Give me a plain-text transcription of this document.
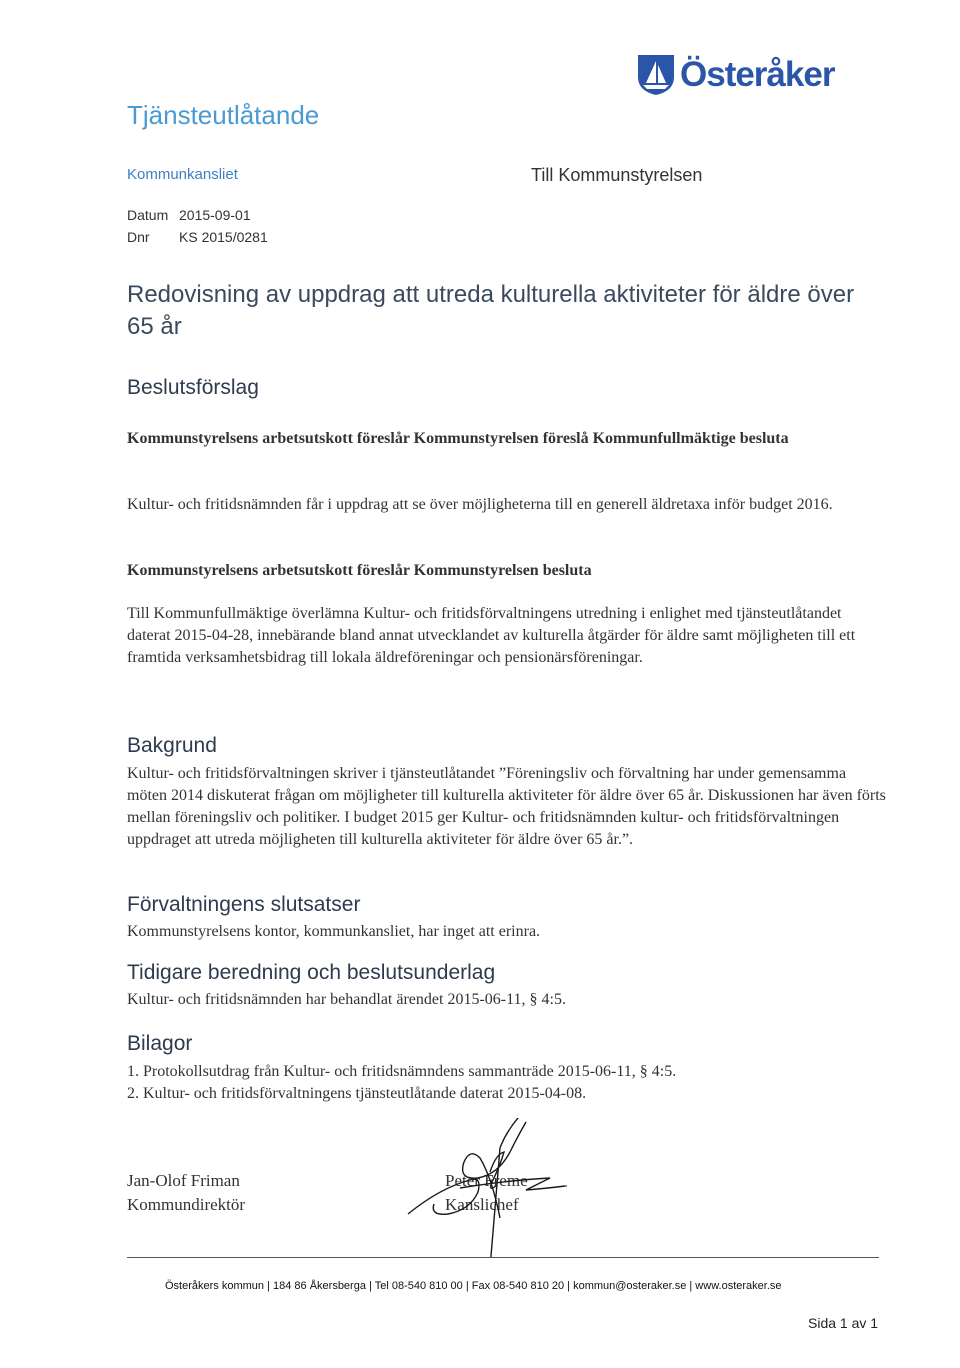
Österåker
Tjänsteutlåtande
Kommunkansliet	Till Kommunstyrelsen
Datum 2015-09-01
Dnr KS 2015/0281
Redovisning av uppdrag att utreda kulturella aktiviteter för äldre över 65 år
Beslutsförslag
Kommunstyrelsens arbetsutskott föreslår Kommunstyrelsen föreslå Kommunfullmäktige besluta
Kultur- och fritidsnämnden får i uppdrag att se över möjligheterna till en generell äldretaxa inför budget 2016.
Kommunstyrelsens arbetsutskott föreslår Kommunstyrelsen besluta
Till Kommunfullmäktige överlämna Kultur- och fritidsförvaltningens utredning i enlighet med tjänsteutlåtandet daterat 2015-04-28, innebärande bland annat utvecklandet av kulturella åtgärder för äldre samt möjligheten till ett framtida verksamhetsbidrag till lokala äldreföreningar och pensionärsföreningar.
Bakgrund
Kultur- och fritidsförvaltningen skriver i tjänsteutlåtandet ”Föreningsliv och förvaltning har under gemensamma möten 2014 diskuterat frågan om möjligheter till kulturella aktiviteter för äldre över 65 år. Diskussionen har även förts mellan föreningsliv och politiker. I budget 2015 ger Kultur- och fritidsnämnden kultur- och fritidsförvaltningen uppdraget att utreda möjligheten till kulturella aktiviteter för äldre över 65 år.”.
Förvaltningens slutsatser
Kommunstyrelsens kontor, kommunkansliet, har inget att erinra.
Tidigare beredning och beslutsunderlag
Kultur- och fritidsnämnden har behandlat ärendet 2015-06-11, § 4:5.
Bilagor
1. Protokollsutdrag från Kultur- och fritidsnämndens sammanträde 2015-06-11, § 4:5.
2. Kultur- och fritidsförvaltningens tjänsteutlåtande daterat 2015-04-08.
Jan-Olof Friman
Kommundirektör
Peter Freme
Kanslichef
Österåkers kommun | 184 86 Åkersberga | Tel 08-540 810 00 | Fax 08-540 810 20 | kommun@osteraker.se | www.osteraker.se
Sida 1 av 1
